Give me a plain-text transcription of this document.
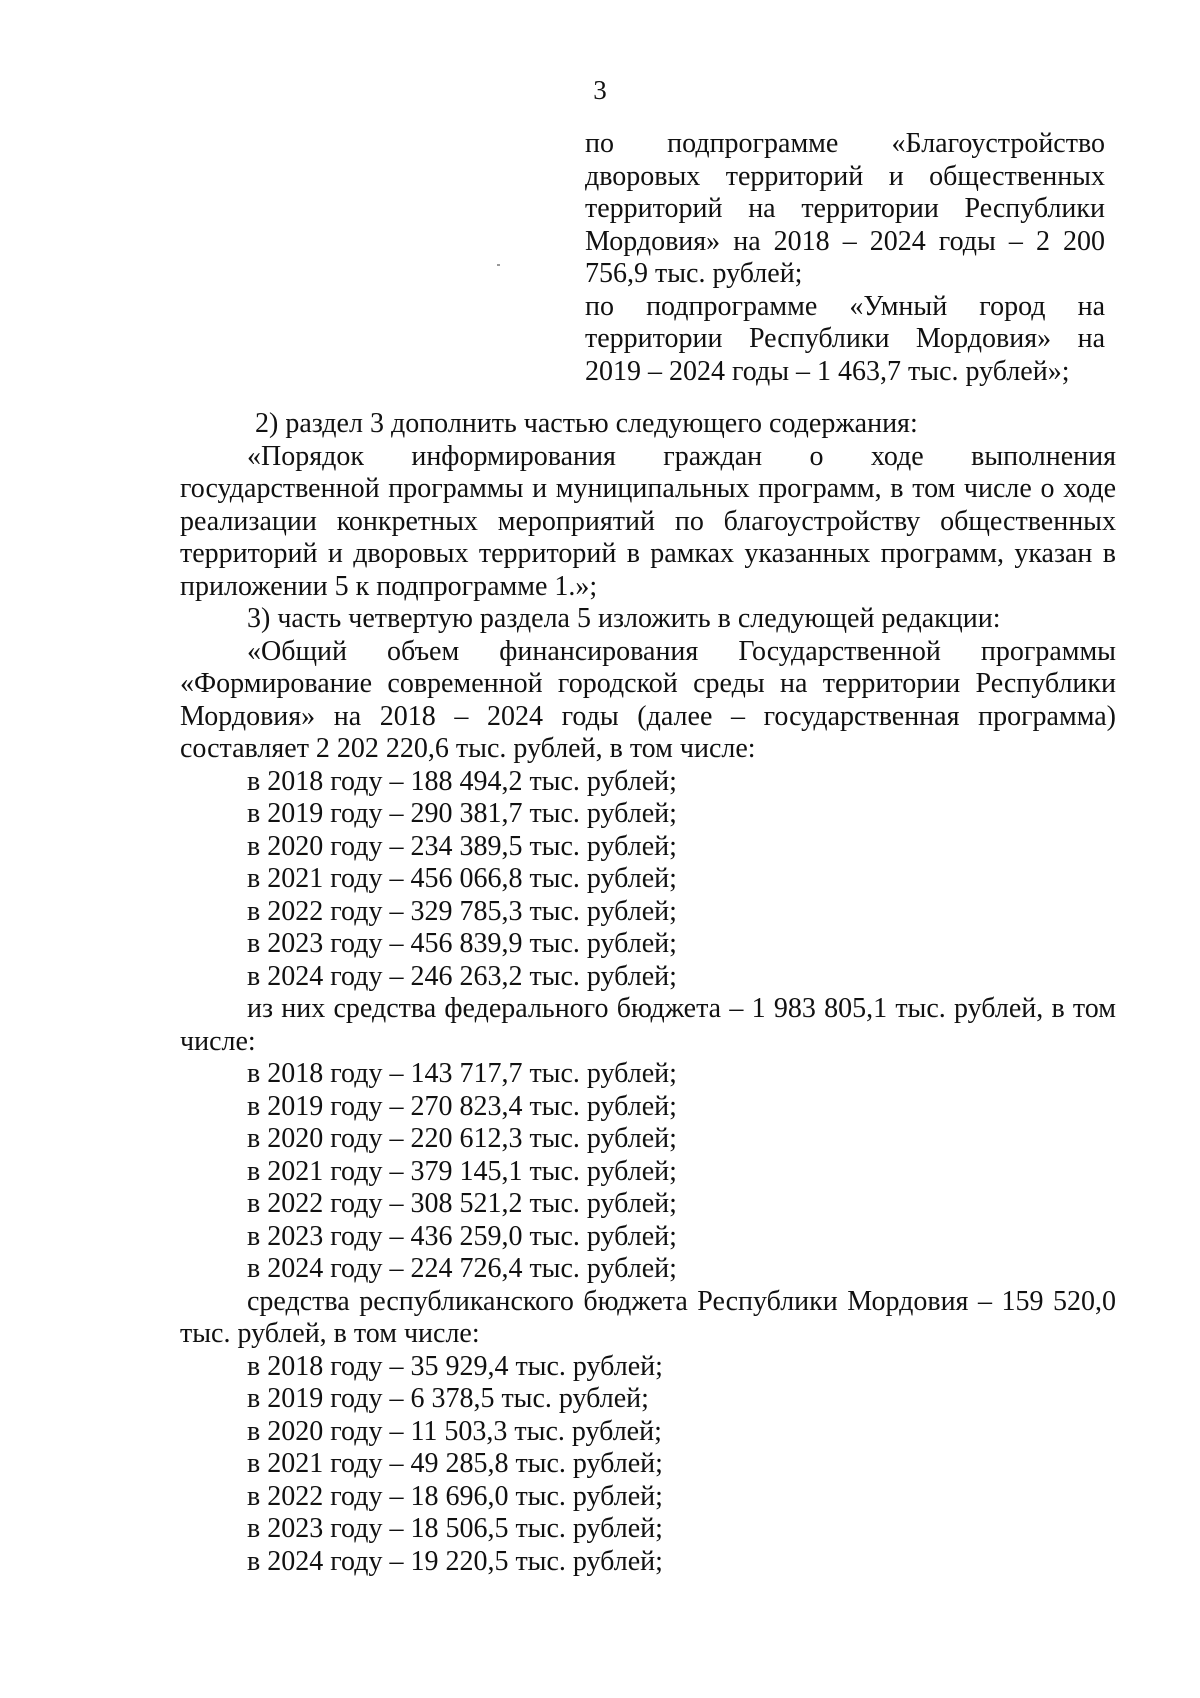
3

по подпрограмме «Благоустройство дворовых территорий и общественных территорий на территории Республики Мордовия» на 2018 – 2024 годы – 2 200 756,9 тыс. рублей;

по подпрограмме «Умный город на территории Республики Мордовия» на 2019 – 2024 годы – 1 463,7 тыс. рублей»;

2) раздел 3 дополнить частью следующего содержания:

«Порядок информирования граждан о ходе выполнения государственной программы и муниципальных программ, в том числе о ходе реализации конкретных мероприятий по благоустройству общественных территорий и дворовых территорий в рамках указанных программ, указан в приложении 5 к подпрограмме 1.»;

3) часть четвертую раздела 5 изложить в следующей редакции:

«Общий объем финансирования Государственной программы «Формирование современной городской среды на территории Республики Мордовия» на 2018 – 2024 годы (далее – государственная программа) составляет 2 202 220,6 тыс. рублей, в том числе:

в 2018 году – 188 494,2 тыс. рублей;

в 2019 году – 290 381,7 тыс. рублей;

в 2020 году – 234 389,5 тыс. рублей;

в 2021 году – 456 066,8 тыс. рублей;

в 2022 году – 329 785,3 тыс. рублей;

в 2023 году – 456 839,9 тыс. рублей;

в 2024 году – 246 263,2 тыс. рублей;

из них средства федерального бюджета – 1 983 805,1 тыс. рублей, в том числе:

в 2018 году – 143 717,7 тыс. рублей;

в 2019 году – 270 823,4 тыс. рублей;

в 2020 году – 220 612,3 тыс. рублей;

в 2021 году – 379 145,1 тыс. рублей;

в 2022 году – 308 521,2 тыс. рублей;

в 2023 году – 436 259,0 тыс. рублей;

в 2024 году – 224 726,4 тыс. рублей;

средства республиканского бюджета Республики Мордовия – 159 520,0 тыс. рублей, в том числе:

в 2018 году – 35 929,4 тыс. рублей;

в 2019 году – 6 378,5 тыс. рублей;

в 2020 году – 11 503,3 тыс. рублей;

в 2021 году – 49 285,8 тыс. рублей;

в 2022 году – 18 696,0 тыс. рублей;

в 2023 году – 18 506,5 тыс. рублей;

в 2024 году – 19 220,5 тыс. рублей;
